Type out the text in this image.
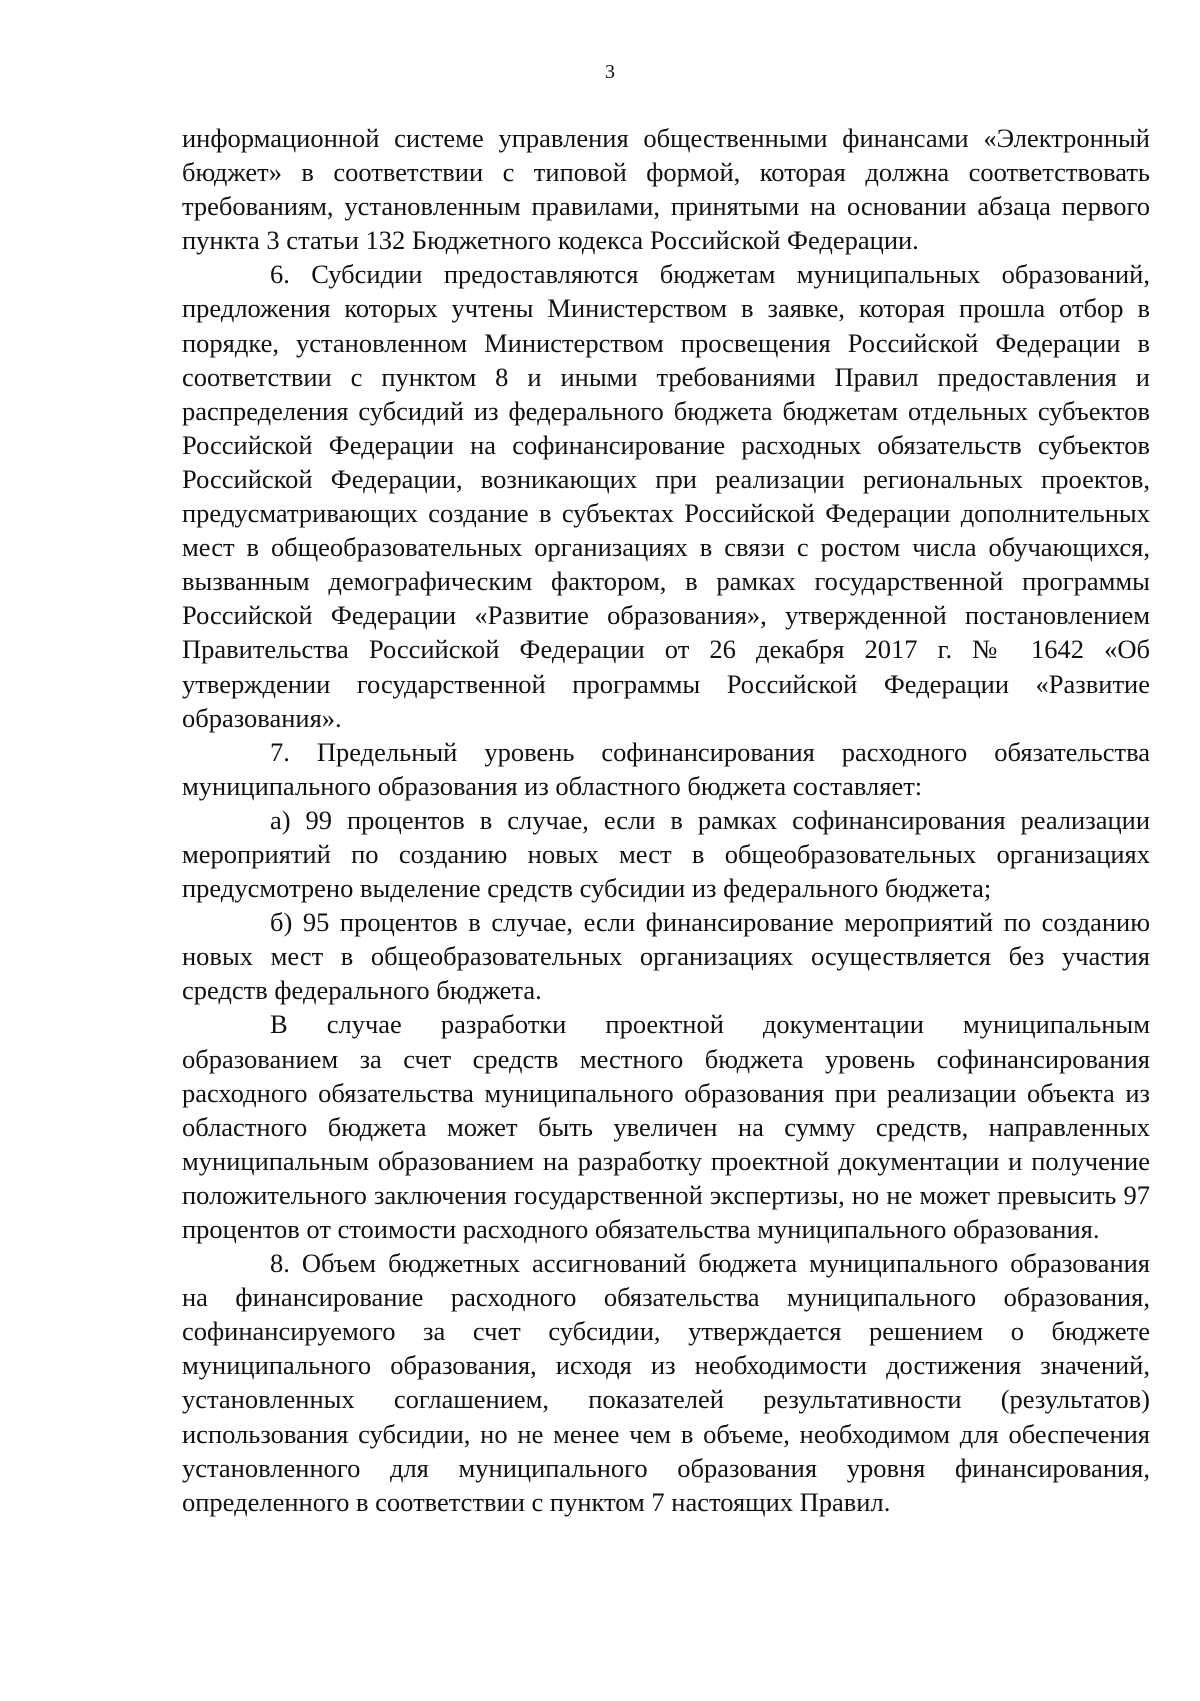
3

информационной системе управления общественными финансами «Электронный бюджет» в соответствии с типовой формой, которая должна соответствовать требованиям, установленным правилами, принятыми на основании абзаца первого пункта 3 статьи 132 Бюджетного кодекса Российской Федерации.

6. Субсидии предоставляются бюджетам муниципальных образований, предложения которых учтены Министерством в заявке, которая прошла отбор в порядке, установленном Министерством просвещения Российской Федерации в соответствии с пунктом 8 и иными требованиями Правил предоставления и распределения субсидий из федерального бюджета бюджетам отдельных субъектов Российской Федерации на софинансирование расходных обязательств субъектов Российской Федерации, возникающих при реализации региональных проектов, предусматривающих создание в субъектах Российской Федерации дополнительных мест в общеобразовательных организациях в связи с ростом числа обучающихся, вызванным демографическим фактором, в рамках государственной программы Российской Федерации «Развитие образования», утвержденной постановлением Правительства Российской Федерации от 26 декабря 2017 г. № 1642 «Об утверждении государственной программы Российской Федерации «Развитие образования».

7. Предельный уровень софинансирования расходного обязательства муниципального образования из областного бюджета составляет:

а) 99 процентов в случае, если в рамках софинансирования реализации мероприятий по созданию новых мест в общеобразовательных организациях предусмотрено выделение средств субсидии из федерального бюджета;

б) 95 процентов в случае, если финансирование мероприятий по созданию новых мест в общеобразовательных организациях осуществляется без участия средств федерального бюджета.

В случае разработки проектной документации муниципальным образованием за счет средств местного бюджета уровень софинансирования расходного обязательства муниципального образования при реализации объекта из областного бюджета может быть увеличен на сумму средств, направленных муниципальным образованием на разработку проектной документации и получение положительного заключения государственной экспертизы, но не может превысить 97 процентов от стоимости расходного обязательства муниципального образования.

8. Объем бюджетных ассигнований бюджета муниципального образования на финансирование расходного обязательства муниципального образования, софинансируемого за счет субсидии, утверждается решением о бюджете муниципального образования, исходя из необходимости достижения значений, установленных соглашением, показателей результативности (результатов) использования субсидии, но не менее чем в объеме, необходимом для обеспечения установленного для муниципального образования уровня финансирования, определенного в соответствии с пунктом 7 настоящих Правил.
